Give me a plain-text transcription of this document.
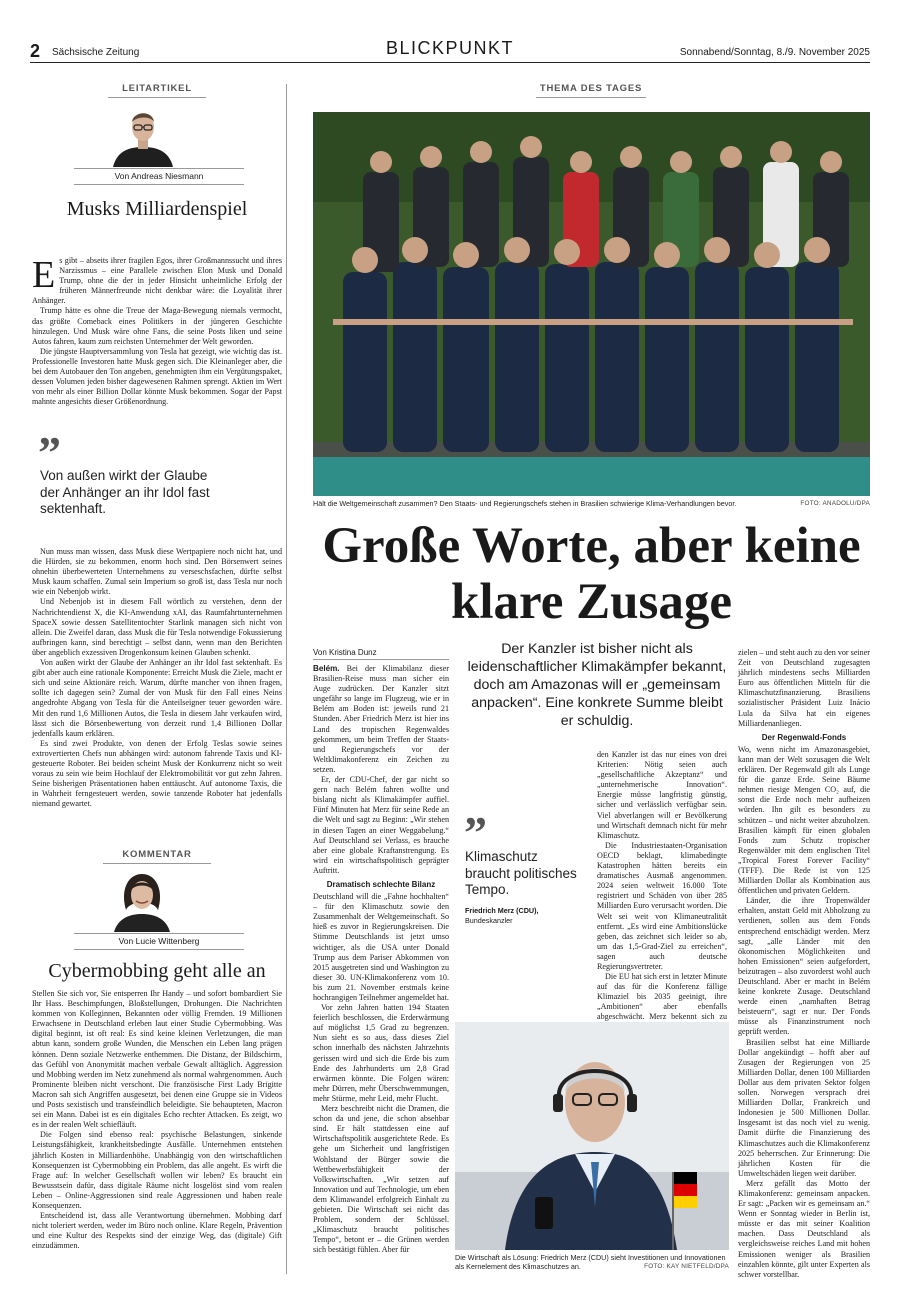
2 Sächsische Zeitung	BLICKPUNKT	Sonnabend/Sonntag, 8./9. November 2025
LEITARTIKEL
Von Andreas Niesmann
Musks Milliardenspiel

Es gibt – abseits ihrer fragilen Egos, ihrer Großmannssucht und ihres Narzissmus – eine Parallele zwischen Elon Musk und Donald Trump, ohne die der in jeder Hinsicht unheimliche Erfolg der früheren Männerfreunde nicht denkbar wäre: die Loyalität ihrer Anhänger.

Trump hätte es ohne die Treue der Maga-Bewegung niemals vermocht, das größte Comeback eines Politikers in der jüngeren Geschichte hinzulegen. Und Musk wäre ohne Fans, die seine Posts liken und seine Autos fahren, kaum zum reichsten Unternehmer der Welt geworden.

Die jüngste Hauptversammlung von Tesla hat gezeigt, wie wichtig das ist. Professionelle Investoren hatte Musk gegen sich. Die Kleinanleger aber, die bei dem Autobauer den Ton angeben, genehmigten ihm ein Vergütungspaket, dessen Volumen jeden bisher dagewesenen Rahmen sprengt. Aktien im Wert von mehr als einer Billion Dollar könnte Musk bekommen. Sogar der Papst mahnte angesichts dieser Größenordnung.

”
Von außen wirkt der Glaube der Anhänger an ihr Idol fast sektenhaft.

Nun muss man wissen, dass Musk diese Wertpapiere noch nicht hat, und die Hürden, sie zu bekommen, enorm hoch sind. Den Börsenwert seines ohnehin überbewerteten Unternehmens zu verseschsfachen, dürfte selbst Musk kaum schaffen. Zumal sein Imperium so groß ist, dass Tesla nur noch wie ein Nebenjob wirkt.

Und Nebenjob ist in diesem Fall wörtlich zu verstehen, denn der Nachrichtendienst X, die KI-Anwendung xAI, das Raumfahrtunternehmen SpaceX sowie dessen Satellitentochter Starlink managen sich nicht von allein. Die Zweifel daran, dass Musk die für Tesla notwendige Fokussierung aufbringen kann, sind berechtigt – selbst dann, wenn man den Berichten über angeblich exzessiven Drogenkonsum keinen Glauben schenkt.

Von außen wirkt der Glaube der Anhänger an ihr Idol fast sektenhaft. Es gibt aber auch eine rationale Komponente: Erreicht Musk die Ziele, macht er sich und seine Aktionäre reich. Warum, dürfte mancher von ihnen fragen, sollte ich dagegen sein? Zumal der von Musk für den Fall eines Neins angedrohte Abgang von Tesla für die Anteilseigner teuer geworden wäre. Mit den rund 1,6 Millionen Autos, die Tesla in diesem Jahr verkaufen wird, lässt sich die Börsenbewertung von derzeit rund 1,4 Billionen Dollar jedenfalls kaum erklären.

Es sind zwei Produkte, von denen der Erfolg Teslas sowie seines extrovertierten Chefs nun abhängen wird: autonom fahrende Taxis und KI-gesteuerte Roboter. Bei beiden scheint Musk der Konkurrenz nicht so weit voraus zu sein wie beim Hochlauf der Elektromobilität vor gut zehn Jahren. Seine bisherigen Präsentationen haben enttäuscht. Auf autonome Taxis, die in Wahrheit ferngesteuert werden, sowie tanzende Roboter hat jedenfalls niemand gewartet.

KOMMENTAR
Von Lucie Wittenberg
Cybermobbing geht alle an

Stellen Sie sich vor, Sie entsperren Ihr Handy – und sofort bombardiert Sie Ihr Hass. Beschimpfungen, Bloßstellungen, Drohungen. Die Nachrichten kommen von Kolleginnen, Bekannten oder völlig Fremden. 19 Millionen Erwachsene in Deutschland erleben laut einer Studie Cybermobbing. Was digital beginnt, ist oft real: Es sind keine kleinen Verletzungen, die man abtun kann, sondern große Wunden, die Menschen ein Leben lang prägen können. Denn soziale Netzwerke enthemmen. Die Distanz, der Bildschirm, das Gefühl von Anonymität machen verbale Gewalt alltäglich. Aggression und Mobbing werden im Netz zunehmend als normal wahrgenommen. Auch Prominente bleiben nicht verschont. Die französische First Lady Brigitte Macron sah sich Angriffen ausgesetzt, bei denen eine Gruppe sie in Videos und Posts sexistisch und transfeindlich beleidigte. Sie behaupteten, Macron sei ein Mann. Dabei ist es ein digitales Echo rechter Attacken. Es zeigt, wo es in der realen Welt schiefläuft.

Die Folgen sind ebenso real: psychische Belastungen, sinkende Leistungsfähigkeit, krankheitsbedingte Ausfälle. Unternehmen entstehen jährlich Kosten in Milliardenhöhe. Unabhängig von den wirtschaftlichen Konsequenzen ist Cybermobbing ein Problem, das alle angeht. Es wirft die Frage auf: In welcher Gesellschaft wollen wir leben? Es braucht ein Bewusstsein dafür, dass digitale Räume nicht losgelöst sind vom realen Leben – Online-Aggressionen sind reale Aggressionen und haben reale Konsequenzen.

Entscheidend ist, dass alle Verantwortung übernehmen. Mobbing darf nicht toleriert werden, weder im Büro noch online. Klare Regeln, Prävention und eine Kultur des Respekts sind der einzige Weg, das (digitale) Gift einzudämmen.

THEMA DES TAGES
Hält die Weltgemeinschaft zusammen? Den Staats- und Regierungschefs stehen in Brasilien schwierige Klima-Verhandlungen bevor.	FOTO: ANADOLU/DPA
Große Worte, aber keine klare Zusage
Der Kanzler ist bisher nicht als leidenschaftlicher Klimakämpfer bekannt, doch am Amazonas will er „gemeinsam anpacken“. Eine konkrete Summe bleibt er schuldig.
Von Kristina Dunz

Belém. Bei der Klimabilanz dieser Brasilien-Reise muss man sicher ein Auge zudrücken. Der Kanzler sitzt ungefähr so lange im Flugzeug, wie er in Belém am Boden ist: jeweils rund 21 Stunden. Aber Friedrich Merz ist hier ins Land des tropischen Regenwaldes gekommen, um beim Treffen der Staats- und Regierungschefs vor der Weltklimakonferenz ein Zeichen zu setzen.

Er, der CDU-Chef, der gar nicht so gern nach Belém fahren wollte und bislang nicht als Klimakämpfer auffiel. Fünf Minuten hat Merz für seine Rede an die Welt und sagt zu Beginn: „Wir stehen in diesen Tagen an einer Weggabelung.“ Auf Deutschland sei Verlass, es brauche aber eine globale Kraftanstrengung. Es wird ein wirtschaftspolitisch geprägter Auftritt.

Dramatisch schlechte Bilanz

Deutschland will die „Fahne hochhalten“ – für den Klimaschutz sowie den Zusammenhalt der Weltgemeinschaft. So hieß es zuvor in Regierungskreisen. Die Stimme Deutschlands ist jetzt umso wichtiger, als die USA unter Donald Trump aus dem Pariser Abkommen von 2015 ausgetreten sind und Washington zu dieser 30. UN-Klimakonferenz vom 10. bis zum 21. November erstmals keine hochrangigen Teilnehmer angemeldet hat.

Vor zehn Jahren hatten 194 Staaten feierlich beschlossen, die Erderwärmung auf möglichst 1,5 Grad zu begrenzen. Nun sieht es so aus, dass dieses Ziel schon innerhalb des nächsten Jahrzehnts gerissen wird und sich die Erde bis zum Ende des Jahrhunderts um 2,8 Grad erwärmen könnte. Die Folgen wären: mehr Dürren, mehr Überschwemmungen, mehr Stürme, mehr Leid, mehr Flucht.

Merz beschreibt nicht die Dramen, die schon da und jene, die schon absehbar sind. Er hält stattdessen eine auf Wirtschaftspolitik ausgerichtete Rede. Es gehe um Sicherheit und langfristigen Wohlstand der Bürger sowie die Wettbewerbsfähigkeit der Volkswirtschaften. „Wir setzen auf Innovation und auf Technologie, um eben dem Klimawandel erfolgreich Einhalt zu gebieten. Die Wirtschaft sei nicht das Problem, sondern der Schlüssel. „Klimaschutz braucht politisches Tempo“, betont er – die Grünen werden sich bestätigt fühlen. Aber für

”
Klimaschutz braucht politisches Tempo.
Friedrich Merz (CDU),
Bundeskanzler

den Kanzler ist das nur eines von drei Kriterien: Nötig seien auch „gesellschaftliche Akzeptanz“ und „unternehmerische Innovation“. Energie müsse langfristig günstig, sicher und verlässlich verfügbar sein. Viel abverlangen will er Bevölkerung und Wirtschaft demnach nicht für mehr Klimaschutz.

Die Industriestaaten-Organisation OECD beklagt, klimabedingte Katastrophen hätten bereits ein dramatisches Ausmaß angenommen. 2024 seien weltweit 16.000 Tote registriert und Schäden von über 285 Milliarden Euro verursacht worden. Die Welt sei weit von Klimaneutralität entfernt. „Es wird eine Ambitionslücke geben, das zeichnet sich leider so ab, um das 1,5-Grad-Ziel zu erreichen“, sagen auch deutsche Regierungsvertreter.

Die EU hat sich erst in letzter Minute auf das für die Konferenz fällige Klimaziel bis 2035 geeinigt, ihre „Ambitionen“ aber ebenfalls abgeschwächt. Merz bekennt sich zu

zielen – und steht auch zu den vor seiner Zeit von Deutschland zugesagten jährlich mindestens sechs Milliarden Euro aus öffentlichen Mitteln für die Klimaschutzfinanzierung. Brasiliens sozialistischer Präsident Luiz Inácio Lula da Silva hat ein eigenes Milliardenanliegen.

Der Regenwald-Fonds

Wo, wenn nicht im Amazonasgebiet, kann man der Welt sozusagen die Welt erklären. Der Regenwald gilt als Lunge für die ganze Erde. Seine Bäume nehmen riesige Mengen CO₂ auf, die sonst die Erde noch mehr aufheizen würden. Ihn gilt es besonders zu schützen – und nicht weiter abzuholzen. Brasilien kämpft für einen globalen Fonds zum Schutz tropischer Regenwälder mit dem englischen Titel „Tropical Forest Forever Facility“ (TFFF). Die Rede ist von 125 Milliarden Dollar als Kombination aus öffentlichen und privaten Geldern.

Länder, die ihre Tropenwälder erhalten, anstatt Geld mit Abholzung zu verdienen, sollen aus dem Fonds entsprechend entschädigt werden. Merz sagt, „alle Länder mit den ökonomischen Möglichkeiten und hohen Emissionen“ seien aufgefordert, beizutragen – also zuvorderst wohl auch Deutschland. Aber er macht in Belém keine konkrete Zusage. Deutschland werde einen „namhaften Betrag beisteuern“, sagt er nur. Der Fonds müsse als Finanzinstrument noch geprüft werden.

Brasilien selbst hat eine Milliarde Dollar angekündigt – hofft aber auf Zusagen der Regierungen von 25 Milliarden Dollar, denen 100 Milliarden Dollar aus dem privaten Sektor folgen sollen. Norwegen versprach drei Milliarden Dollar, Frankreich und Indonesien je 500 Millionen Dollar. Insgesamt ist das noch viel zu wenig. Damit dürfte die Finanzierung des Klimaschutzes auch die Klimakonferenz 2025 beherrschen. Zur Erinnerung: Die jährlichen Kosten für die Umweltschäden liegen weit darüber.

Merz gefällt das Motto der Klimakonferenz: gemeinsam anpacken. Er sagt: „Packen wir es gemeinsam an.“ Wenn er Sonntag wieder in Berlin ist, müsste er das mit seiner Koalition machen. Dass Deutschland als vergleichsweise reiches Land mit hohen Emissionen weniger als Brasilien einzahlen könnte, gilt unter Experten als schwer vorstellbar.

Die Wirtschaft als Lösung: Friedrich Merz (CDU) sieht Investitionen und Innovationen als Kernelement des Klimaschutzes an.	FOTO: KAY NIETFELD/DPA
